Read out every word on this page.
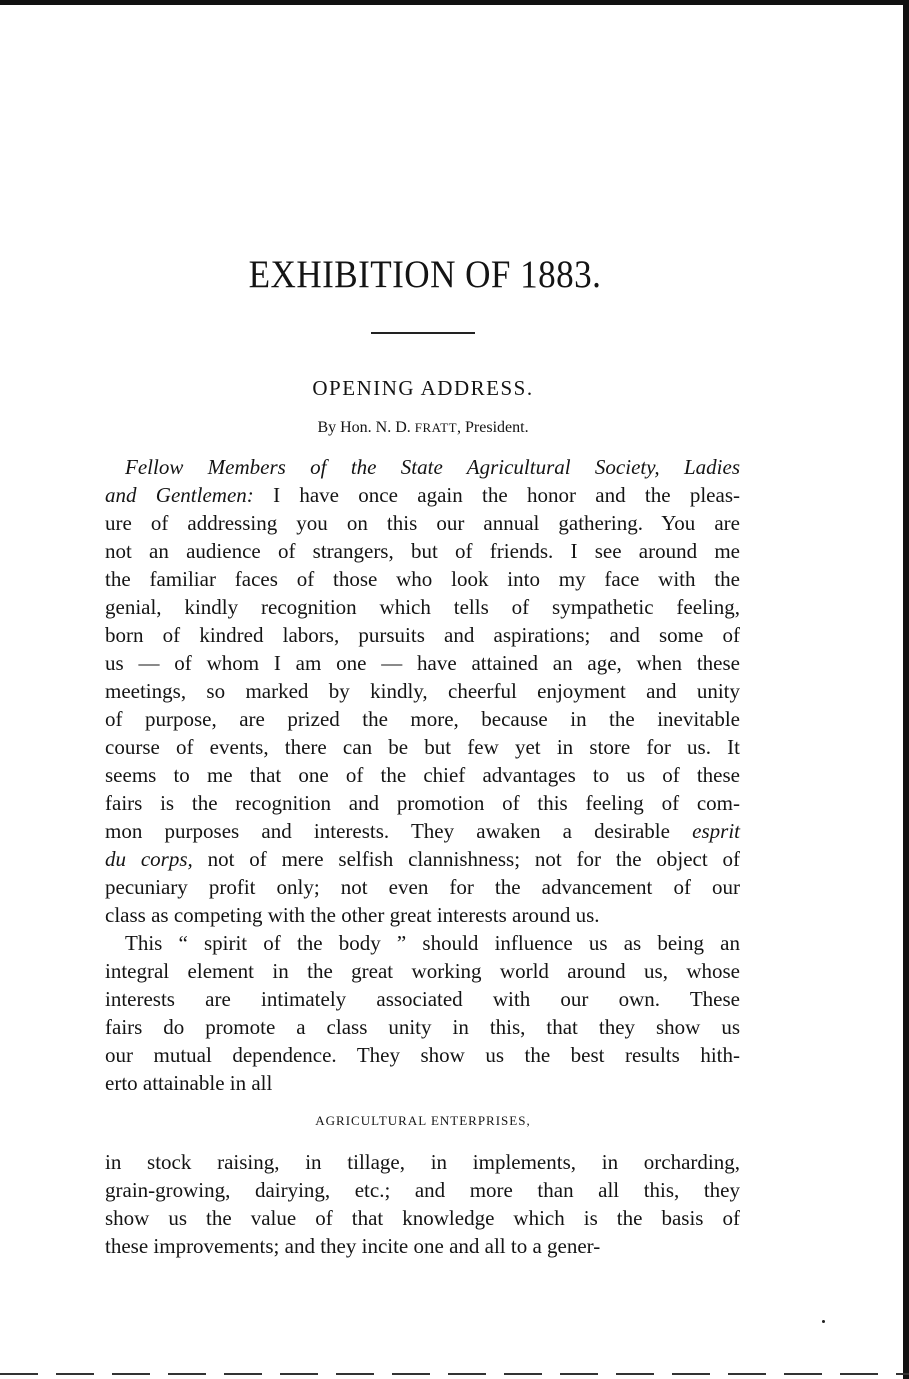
EXHIBITION OF 1883.
OPENING ADDRESS.
By Hon. N. D. FRATT, President.
Fellow Members of the State Agricultural Society, Ladies
and Gentlemen: I have once again the honor and the pleas-
ure of addressing you on this our annual gathering. You are
not an audience of strangers, but of friends. I see around me
the familiar faces of those who look into my face with the
genial, kindly recognition which tells of sympathetic feeling,
born of kindred labors, pursuits and aspirations; and some of
us — of whom I am one — have attained an age, when these
meetings, so marked by kindly, cheerful enjoyment and unity
of purpose, are prized the more, because in the inevitable
course of events, there can be but few yet in store for us. It
seems to me that one of the chief advantages to us of these
fairs is the recognition and promotion of this feeling of com-
mon purposes and interests. They awaken a desirable esprit
du corps, not of mere selfish clannishness; not for the object of
pecuniary profit only; not even for the advancement of our
class as competing with the other great interests around us.
This “ spirit of the body ” should influence us as being an
integral element in the great working world around us, whose
interests are intimately associated with our own. These
fairs do promote a class unity in this, that they show us
our mutual dependence. They show us the best results hith-
erto attainable in all
in stock raising, in tillage, in implements, in orcharding,
grain-growing, dairying, etc.; and more than all this, they
show us the value of that knowledge which is the basis of
these improvements; and they incite one and all to a gener-
AGRICULTURAL ENTERPRISES,
